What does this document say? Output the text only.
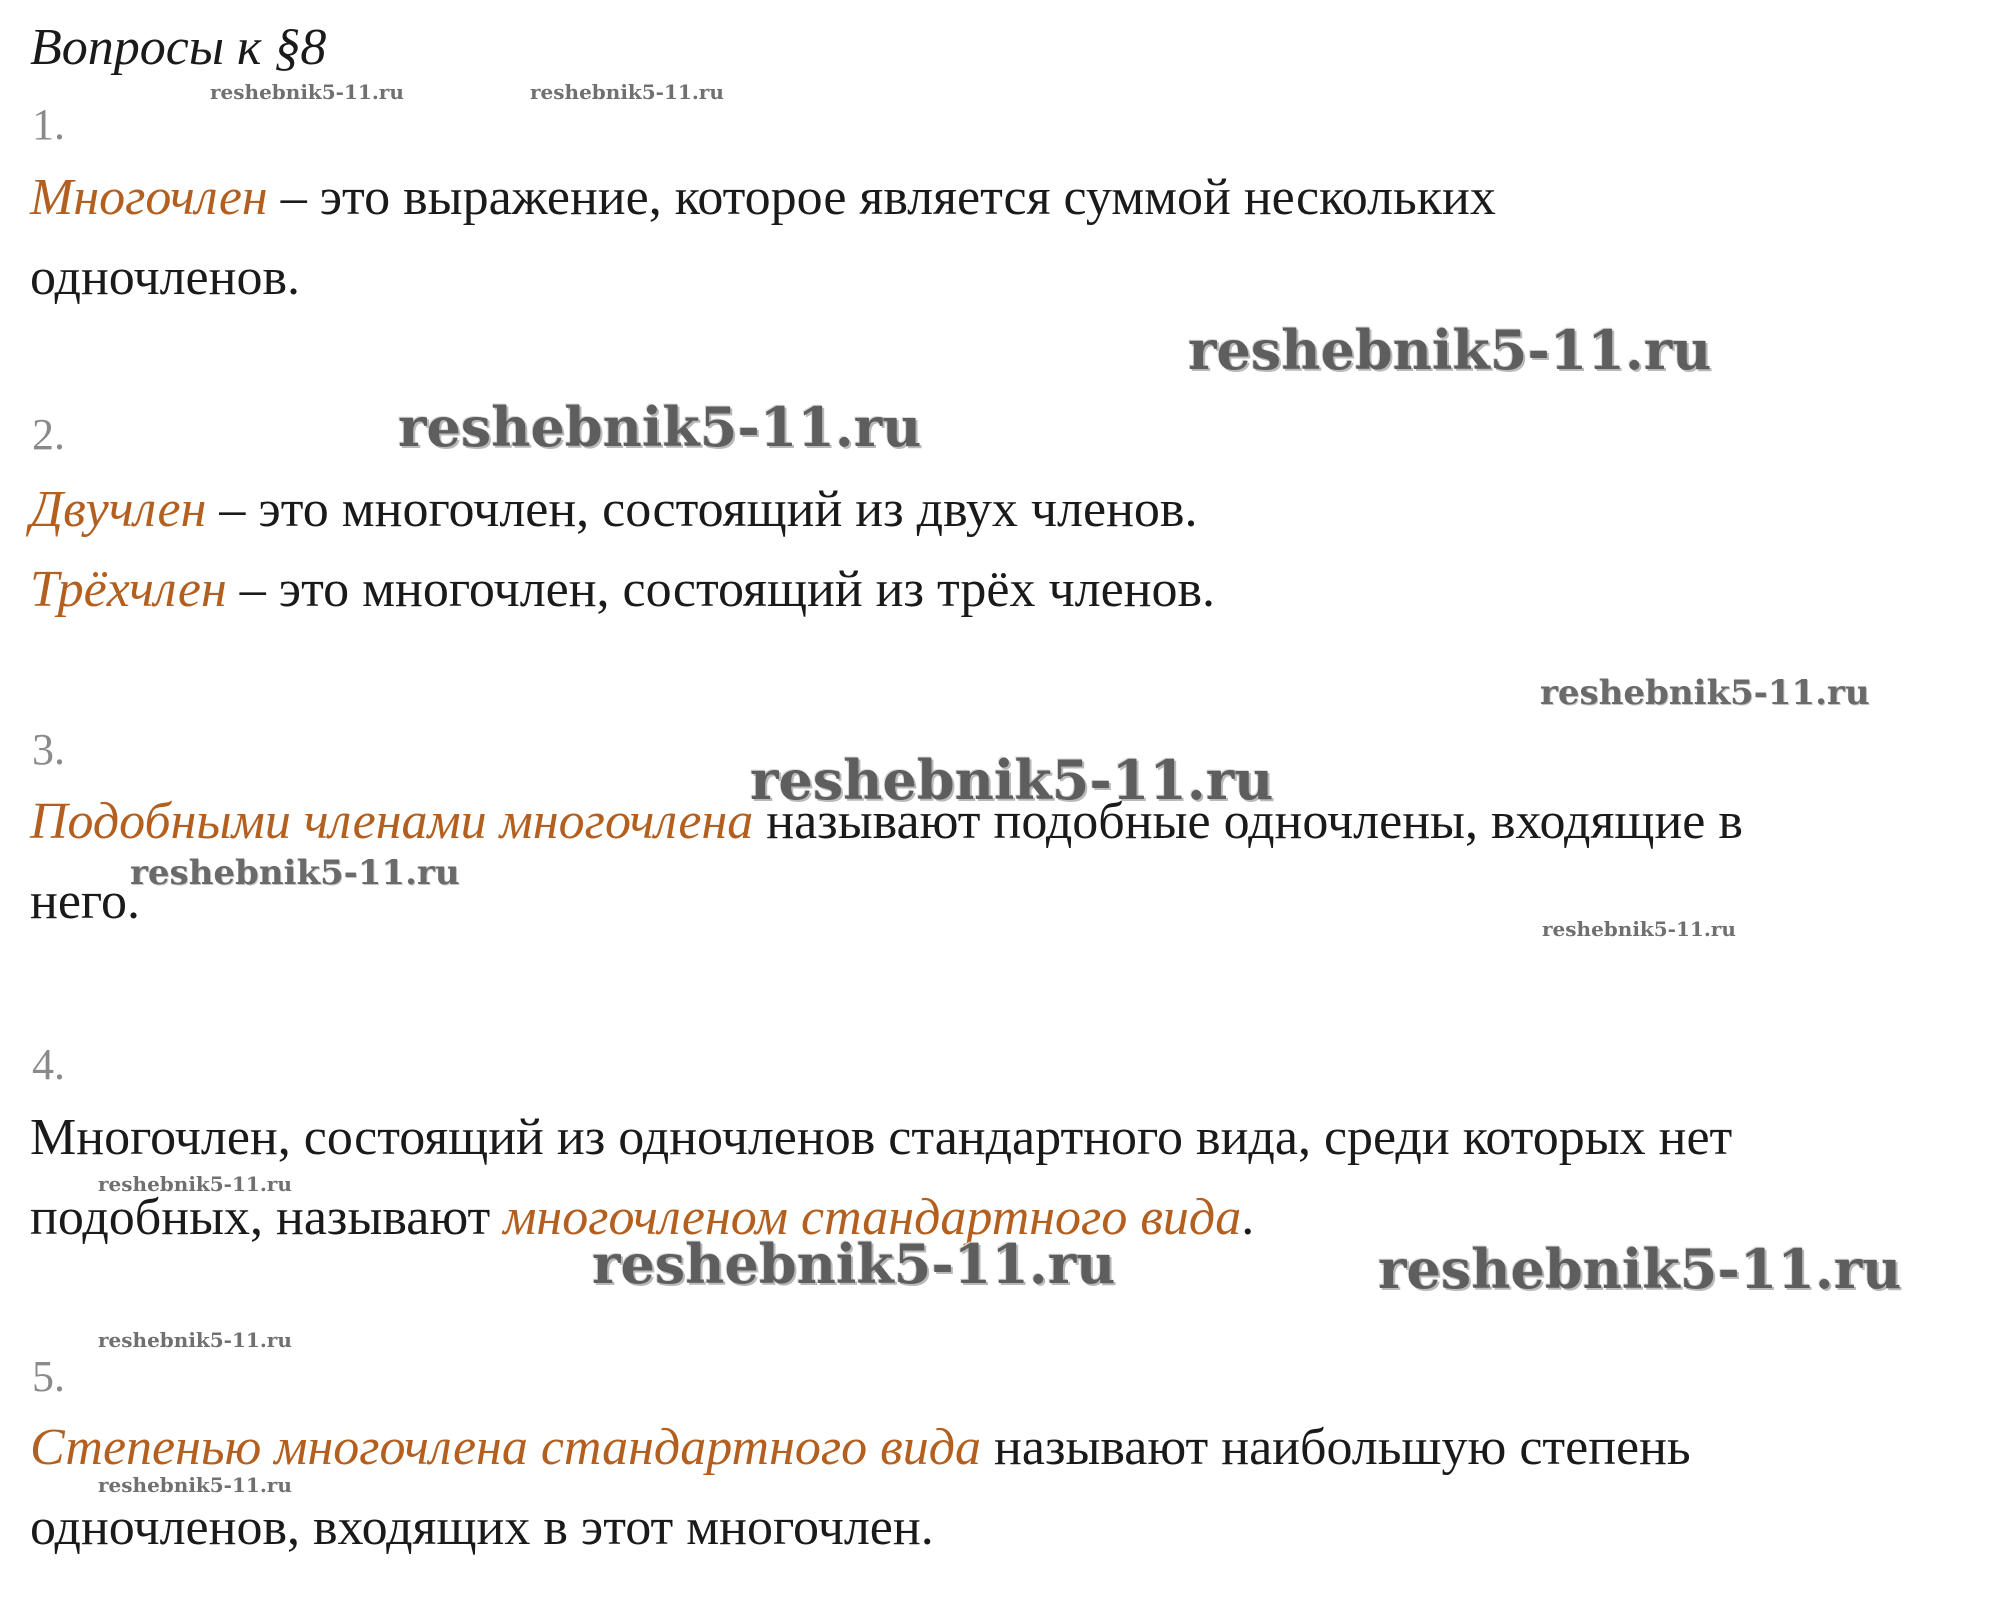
Вопросы к §8
1.
Многочлен – это выражение, которое является суммой нескольких
одночленов.
2.
Двучлен – это многочлен, состоящий из двух членов.
Трёхчлен – это многочлен, состоящий из трёх членов.
3.
Подобными членами многочлена называют подобные одночлены, входящие в
него.
4.
Многочлен, состоящий из одночленов стандартного вида, среди которых нет
подобных, называют многочленом стандартного вида.
5.
Степенью многочлена стандартного вида называют наибольшую степень
одночленов, входящих в этот многочлен.
reshebnik5-11.ru	reshebnik5-11.ru
reshebnik5-11.ru
reshebnik5-11.ru
reshebnik5-11.ru
reshebnik5-11.ru
reshebnik5-11.ru
reshebnik5-11.ru
reshebnik5-11.ru
reshebnik5-11.ru	reshebnik5-11.ru
reshebnik5-11.ru
reshebnik5-11.ru
